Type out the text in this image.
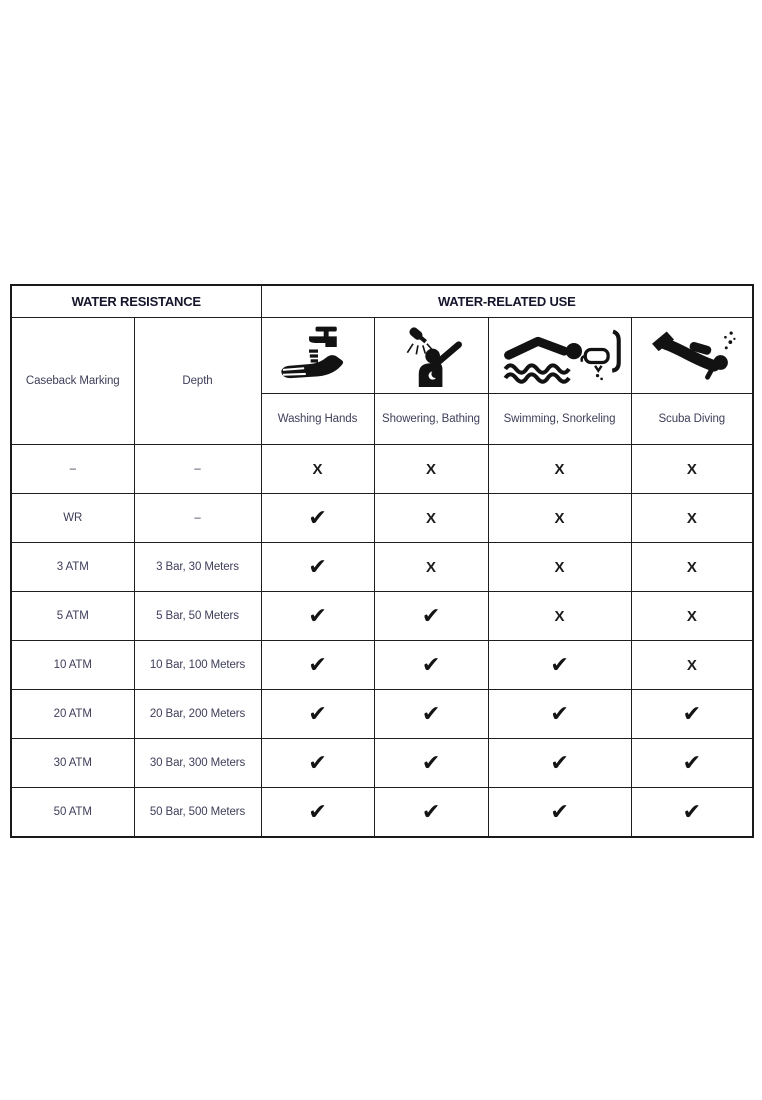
WATER RESISTANCE		WATER-RELATED USE			
Caseback Marking	Depth				
		Washing Hands	Showering, Bathing	Swimming, Snorkeling	Scuba Diving
–	–	X	X	X	X
WR	–	✔	X	X	X
3 ATM	3 Bar, 30 Meters	✔	X	X	X
5 ATM	5 Bar, 50 Meters	✔	✔	X	X
10 ATM	10 Bar, 100 Meters	✔	✔	✔	X
20 ATM	20 Bar, 200 Meters	✔	✔	✔	✔
30 ATM	30 Bar, 300 Meters	✔	✔	✔	✔
50 ATM	50 Bar, 500 Meters	✔	✔	✔	✔
